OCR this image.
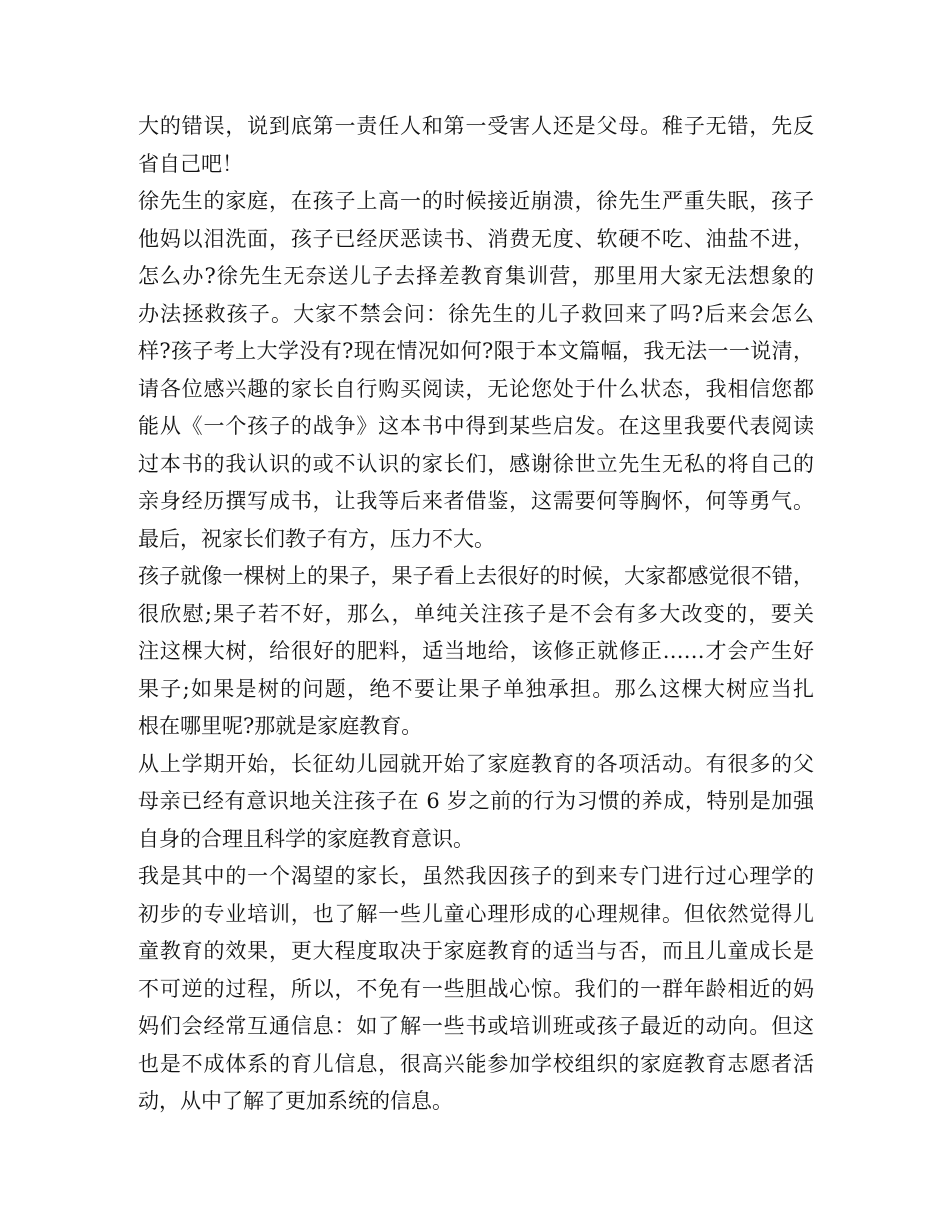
大的错误，说到底第一责任人和第一受害人还是父母。稚子无错，先反
省自己吧！
徐先生的家庭，在孩子上高一的时候接近崩溃，徐先生严重失眠，孩子
他妈以泪洗面，孩子已经厌恶读书、消费无度、软硬不吃、油盐不进，
怎么办?徐先生无奈送儿子去择差教育集训营，那里用大家无法想象的
办法拯救孩子。大家不禁会问：徐先生的儿子救回来了吗?后来会怎么
样?孩子考上大学没有?现在情况如何?限于本文篇幅，我无法一一说清，
请各位感兴趣的家长自行购买阅读，无论您处于什么状态，我相信您都
能从《一个孩子的战争》这本书中得到某些启发。在这里我要代表阅读
过本书的我认识的或不认识的家长们，感谢徐世立先生无私的将自己的
亲身经历撰写成书，让我等后来者借鉴，这需要何等胸怀，何等勇气。
最后，祝家长们教子有方，压力不大。
孩子就像一棵树上的果子，果子看上去很好的时候，大家都感觉很不错，
很欣慰;果子若不好，那么，单纯关注孩子是不会有多大改变的，要关
注这棵大树，给很好的肥料，适当地给，该修正就修正……才会产生好
果子;如果是树的问题，绝不要让果子单独承担。那么这棵大树应当扎
根在哪里呢?那就是家庭教育。
从上学期开始，长征幼儿园就开始了家庭教育的各项活动。有很多的父
母亲已经有意识地关注孩子在 6 岁之前的行为习惯的养成，特别是加强
自身的合理且科学的家庭教育意识。
我是其中的一个渴望的家长，虽然我因孩子的到来专门进行过心理学的
初步的专业培训，也了解一些儿童心理形成的心理规律。但依然觉得儿
童教育的效果，更大程度取决于家庭教育的适当与否，而且儿童成长是
不可逆的过程，所以，不免有一些胆战心惊。我们的一群年龄相近的妈
妈们会经常互通信息：如了解一些书或培训班或孩子最近的动向。但这
也是不成体系的育儿信息，很高兴能参加学校组织的家庭教育志愿者活
动，从中了解了更加系统的信息。
